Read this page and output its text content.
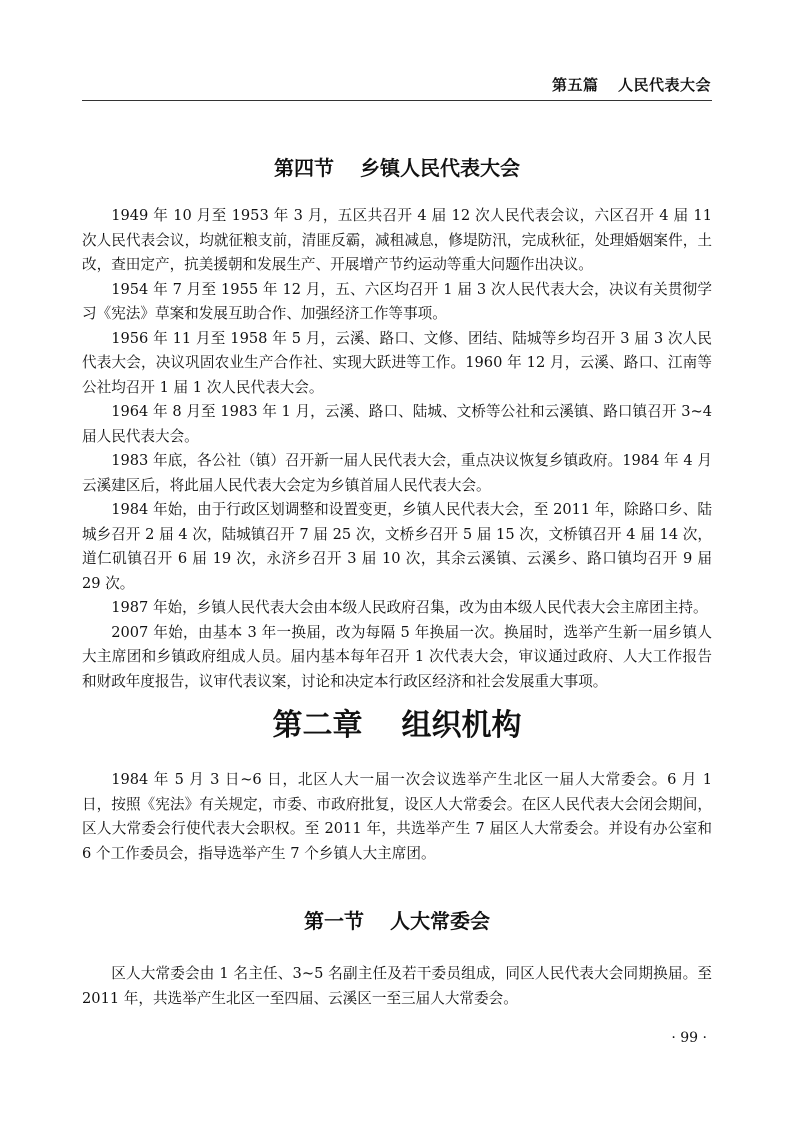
第五篇 人民代表大会
第四节 乡镇人民代表大会

1949 年 10 月至 1953 年 3 月，五区共召开 4 届 12 次人民代表会议，六区召开 4 届 11 次人民代表会议，均就征粮支前，清匪反霸，减租减息，修堤防汛，完成秋征，处理婚姻案件，土改，查田定产，抗美援朝和发展生产、开展增产节约运动等重大问题作出决议。

1954 年 7 月至 1955 年 12 月，五、六区均召开 1 届 3 次人民代表大会，决议有关贯彻学习《宪法》草案和发展互助合作、加强经济工作等事项。

1956 年 11 月至 1958 年 5 月，云溪、路口、文修、团结、陆城等乡均召开 3 届 3 次人民代表大会，决议巩固农业生产合作社、实现大跃进等工作。1960 年 12 月，云溪、路口、江南等公社均召开 1 届 1 次人民代表大会。

1964 年 8 月至 1983 年 1 月，云溪、路口、陆城、文桥等公社和云溪镇、路口镇召开 3~4 届人民代表大会。

1983 年底，各公社（镇）召开新一届人民代表大会，重点决议恢复乡镇政府。1984 年 4 月云溪建区后，将此届人民代表大会定为乡镇首届人民代表大会。

1984 年始，由于行政区划调整和设置变更，乡镇人民代表大会，至 2011 年，除路口乡、陆城乡召开 2 届 4 次，陆城镇召开 7 届 25 次，文桥乡召开 5 届 15 次，文桥镇召开 4 届 14 次，道仁矶镇召开 6 届 19 次，永济乡召开 3 届 10 次，其余云溪镇、云溪乡、路口镇均召开 9 届 29 次。

1987 年始，乡镇人民代表大会由本级人民政府召集，改为由本级人民代表大会主席团主持。

2007 年始，由基本 3 年一换届，改为每隔 5 年换届一次。换届时，选举产生新一届乡镇人大主席团和乡镇政府组成人员。届内基本每年召开 1 次代表大会，审议通过政府、人大工作报告和财政年度报告，议审代表议案，讨论和决定本行政区经济和社会发展重大事项。

第二章 组织机构

1984 年 5 月 3 日~6 日，北区人大一届一次会议选举产生北区一届人大常委会。6 月 1 日，按照《宪法》有关规定，市委、市政府批复，设区人大常委会。在区人民代表大会闭会期间，区人大常委会行使代表大会职权。至 2011 年，共选举产生 7 届区人大常委会。并设有办公室和 6 个工作委员会，指导选举产生 7 个乡镇人大主席团。

第一节 人大常委会

区人大常委会由 1 名主任、3~5 名副主任及若干委员组成，同区人民代表大会同期换届。至 2011 年，共选举产生北区一至四届、云溪区一至三届人大常委会。

· 99 ·
